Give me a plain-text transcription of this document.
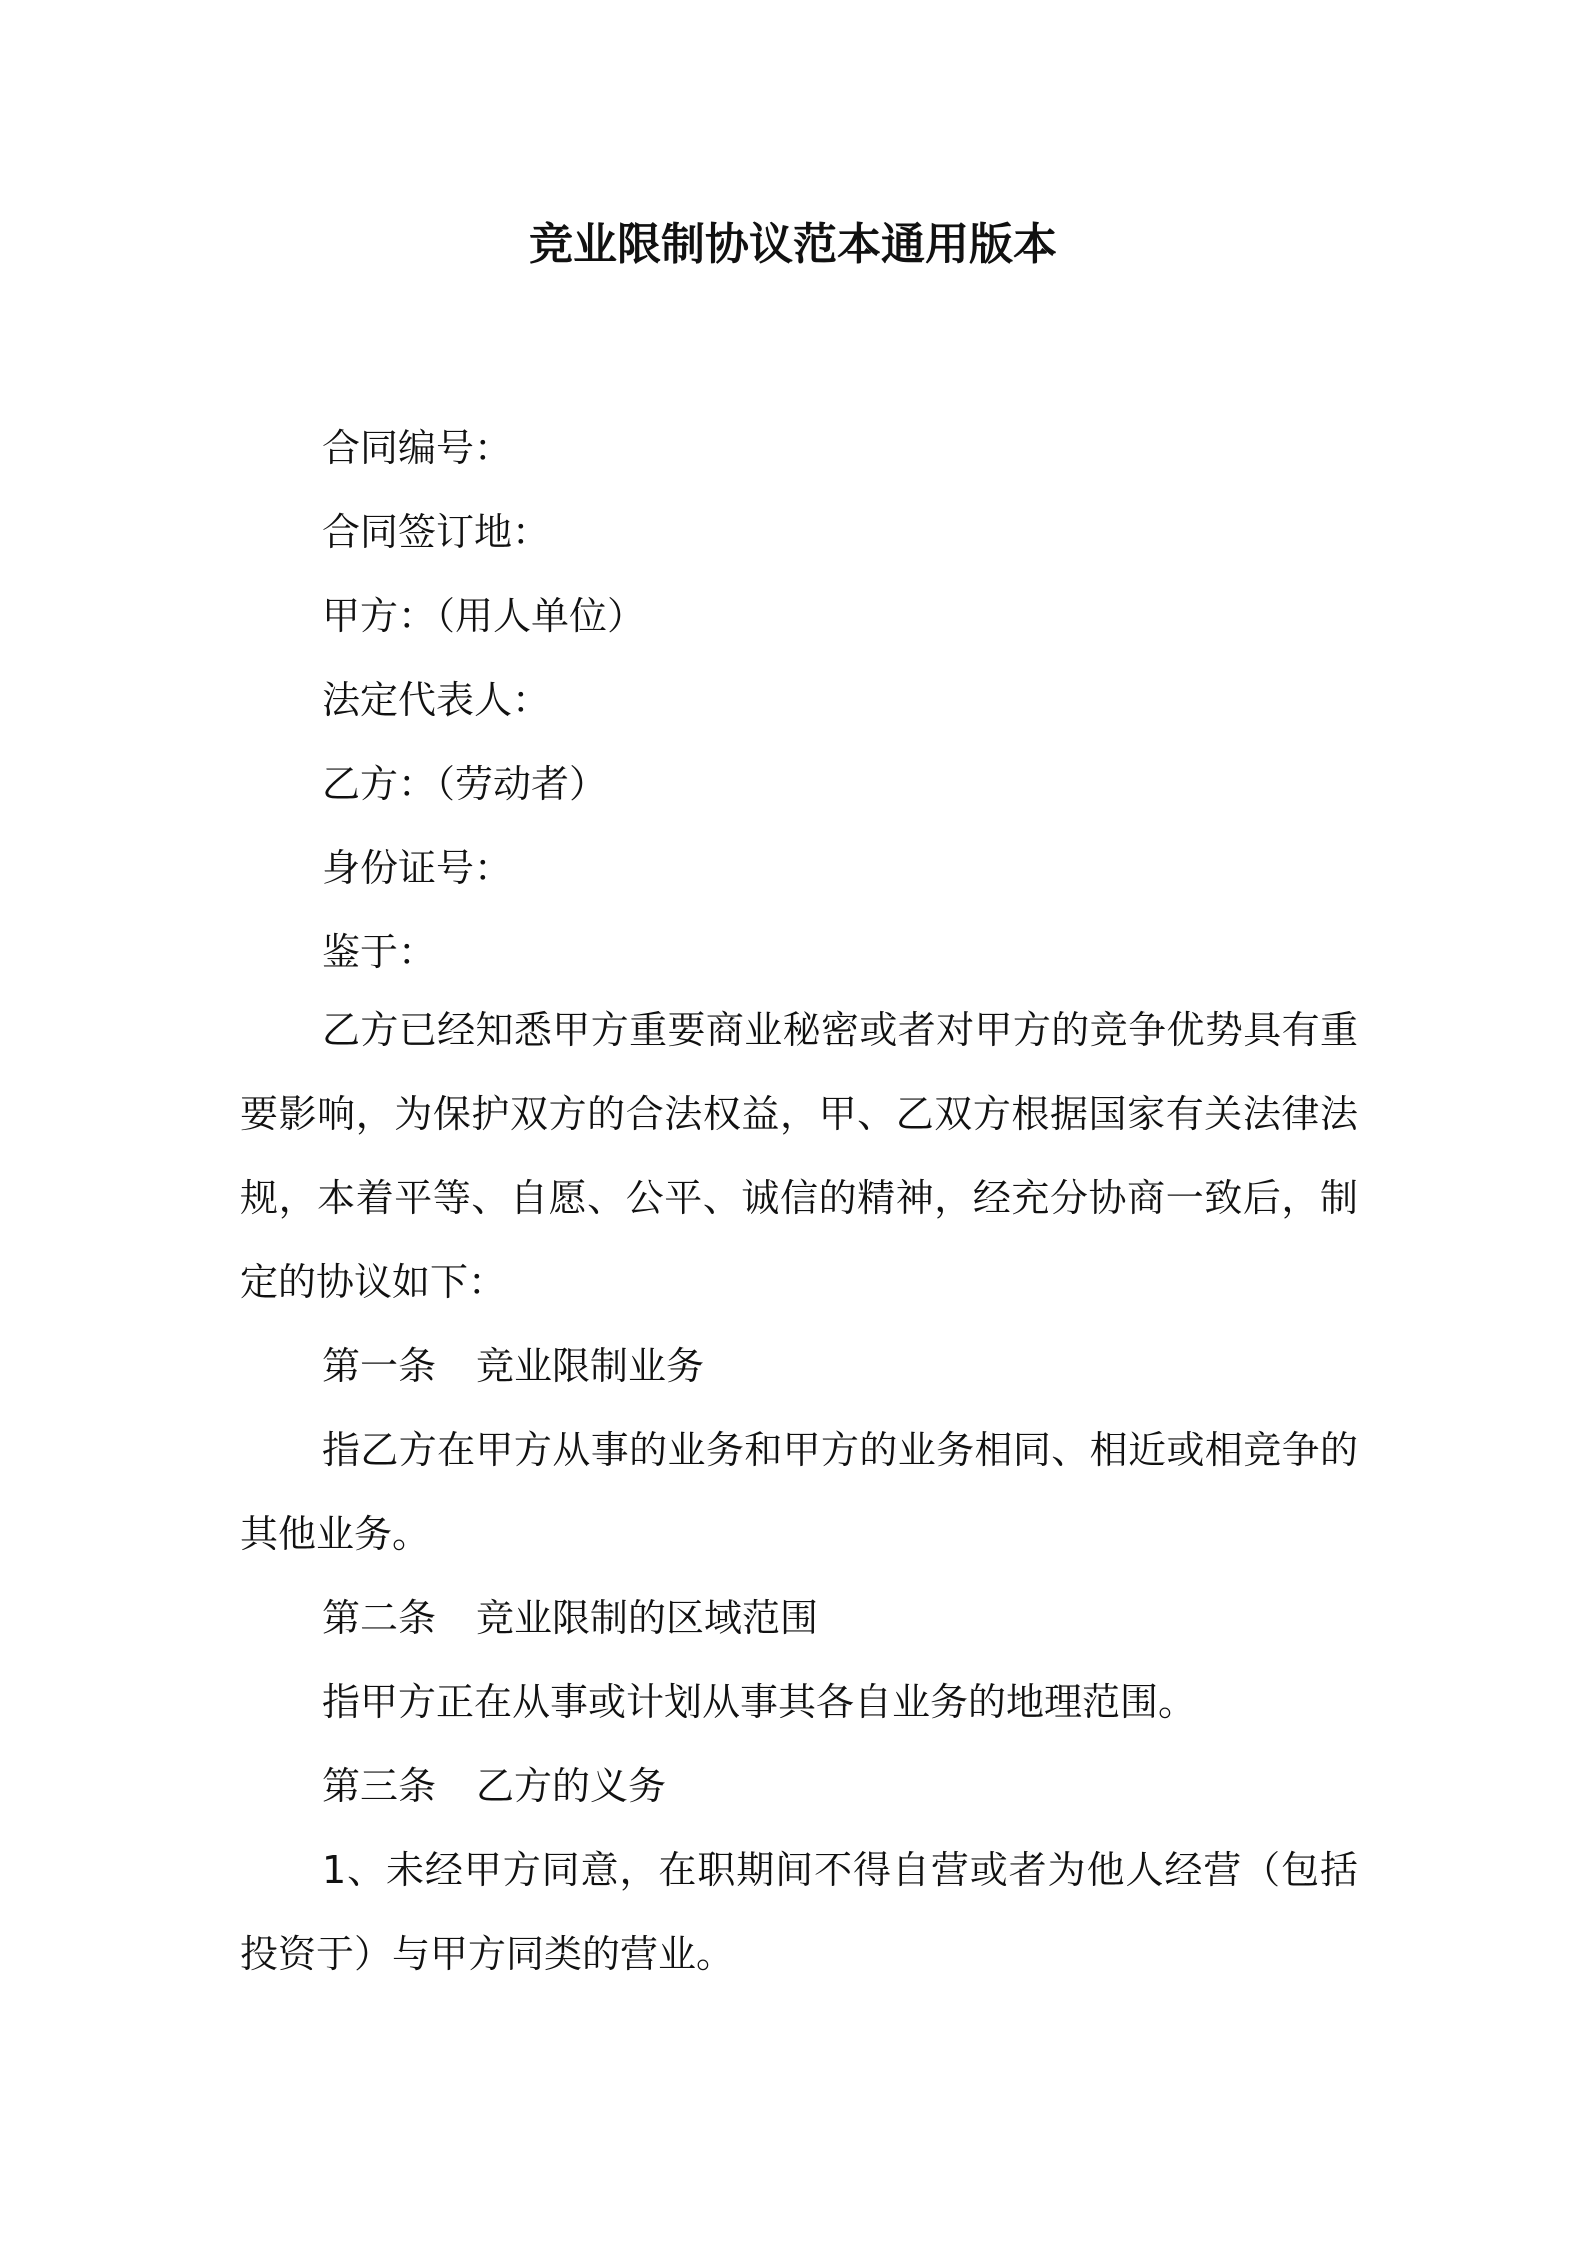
竞业限制协议范本通用版本
合同编号：
合同签订地：
甲方：（用人单位）
法定代表人：
乙方：（劳动者）
身份证号：
鉴于：

乙方已经知悉甲方重要商业秘密或者对甲方的竞争优势具有重要影响，为保护双方的合法权益，甲、乙双方根据国家有关法律法规，本着平等、自愿、公平、诚信的精神，经充分协商一致后，制定的协议如下：

第一条 竞业限制业务

指乙方在甲方从事的业务和甲方的业务相同、相近或相竞争的其他业务。

第二条 竞业限制的区域范围

指甲方正在从事或计划从事其各自业务的地理范围。

第三条 乙方的义务

1、未经甲方同意，在职期间不得自营或者为他人经营（包括投资于）与甲方同类的营业。
